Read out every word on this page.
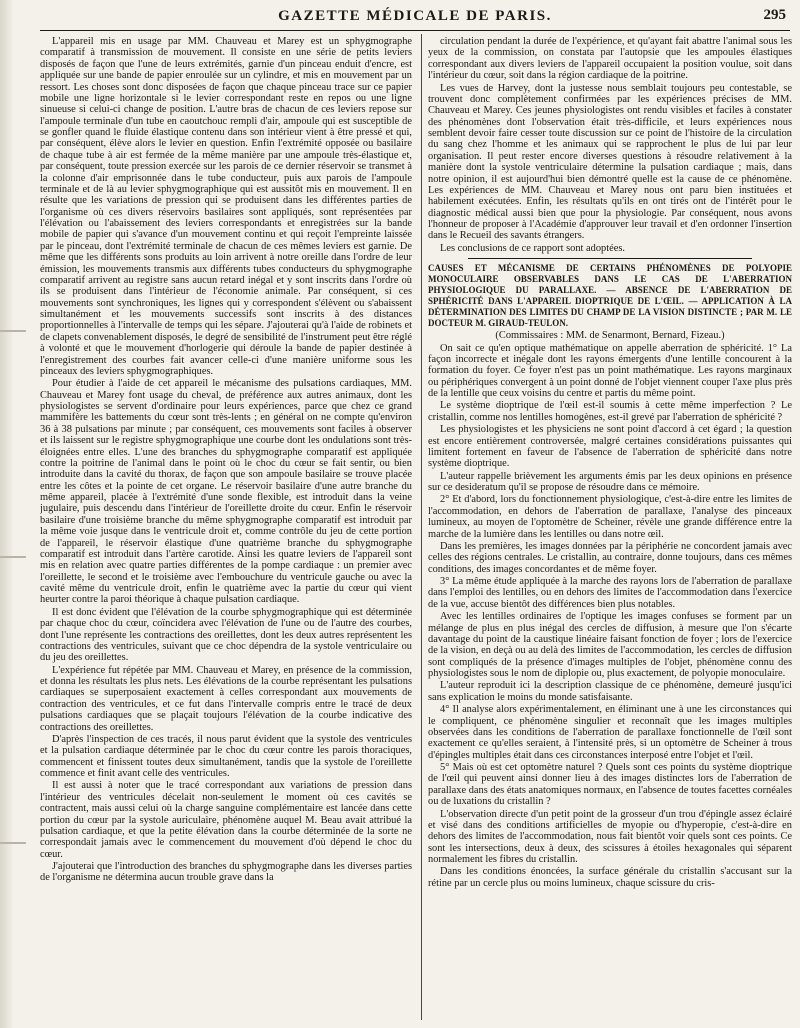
GAZETTE MÉDICALE DE PARIS.	295

L'appareil mis en usage par MM. Chauveau et Marey est un sphygmographe comparatif à transmission de mouvement. Il consiste en une série de petits leviers disposés de façon que l'une de leurs extrémités, garnie d'un pinceau enduit d'encre, est appliquée sur une bande de papier enroulée sur un cylindre, et mis en mouvement par un ressort. Les choses sont donc disposées de façon que chaque pinceau trace sur ce papier mobile une ligne horizontale si le levier correspondant reste en repos ou une ligne sinueuse si celui-ci change de position. L'autre bras de chacun de ces leviers repose sur l'ampoule terminale d'un tube en caoutchouc rempli d'air, ampoule qui est susceptible de se gonfler quand le fluide élastique contenu dans son intérieur vient à être pressé et qui, par conséquent, élève alors le levier en question. Enfin l'extrémité opposée ou basilaire de chaque tube à air est fermée de la même manière par une ampoule très-élastique et, par conséquent, toute pression exercée sur les parois de ce dernier réservoir se transmet à la colonne d'air emprisonnée dans le tube conducteur, puis aux parois de l'ampoule terminale et de là au levier sphygmographique qui est aussitôt mis en mouvement. Il en résulte que les variations de pression qui se produisent dans les différentes parties de l'organisme où ces divers réservoirs basilaires sont appliqués, sont représentées par l'élévation ou l'abaissement des leviers correspondants et enregistrées sur la bande mobile de papier qui s'avance d'un mouvement continu et qui reçoit l'empreinte laissée par le pinceau, dont l'extrémité terminale de chacun de ces mêmes leviers est garnie. De même que les différents sons produits au loin arrivent à notre oreille dans l'ordre de leur émission, les mouvements transmis aux différents tubes conducteurs du sphygmographe comparatif arrivent au registre sans aucun retard inégal et y sont inscrits dans l'ordre où ils se produisent dans l'intérieur de l'économie animale. Par conséquent, si ces mouvements sont synchroniques, les lignes qui y correspondent s'élèvent ou s'abaissent simultanément et les mouvements successifs sont inscrits à des distances proportionnelles à l'intervalle de temps qui les sépare. J'ajouterai qu'à l'aide de robinets et de clapets convenablement disposés, le degré de sensibilité de l'instrument peut être réglé à volonté et que le mouvement d'horlogerie qui déroule la bande de papier destinée à l'enregistrement des courbes fait avancer celle-ci d'une manière uniforme sous les pinceaux des leviers sphygmographiques.

Pour étudier à l'aide de cet appareil le mécanisme des pulsations cardiaques, MM. Chauveau et Marey font usage du cheval, de préférence aux autres animaux, dont les physiologistes se servent d'ordinaire pour leurs expériences, parce que chez ce grand mammifère les battements du cœur sont très-lents ; en général on ne compte qu'environ 36 à 38 pulsations par minute ; par conséquent, ces mouvements sont faciles à observer et ils laissent sur le registre sphygmographique une courbe dont les ondulations sont très-éloignées entre elles. L'une des branches du sphygmographe comparatif est appliquée contre la poitrine de l'animal dans le point où le choc du cœur se fait sentir, ou bien introduite dans la cavité du thorax, de façon que son ampoule basilaire se trouve placée entre les côtes et la pointe de cet organe. Le réservoir basilaire d'une autre branche du même appareil, placée à l'extrémité d'une sonde flexible, est introduit dans la veine jugulaire, puis descendu dans l'intérieur de l'oreillette droite du cœur. Enfin le réservoir basilaire d'une troisième branche du même sphygmographe comparatif est introduit par la même voie jusque dans le ventricule droit et, comme contrôle du jeu de cette portion de l'appareil, le réservoir élastique d'une quatrième branche du sphygmographe comparatif est introduit dans l'artère carotide. Ainsi les quatre leviers de l'appareil sont mis en relation avec quatre parties différentes de la pompe cardiaque : un premier avec l'oreillette, le second et le troisième avec l'embouchure du ventricule gauche ou avec la cavité même du ventricule droit, enfin le quatrième avec la partie du cœur qui vient heurter contre la paroi théorique à chaque pulsation cardiaque.

Il est donc évident que l'élévation de la courbe sphygmographique qui est déterminée par chaque choc du cœur, coïncidera avec l'élévation de l'une ou de l'autre des courbes, dont l'une représente les contractions des oreillettes, dont les deux autres représentent les contractions des ventricules, suivant que ce choc dépendra de la systole ventriculaire ou du jeu des oreillettes.

L'expérience fut répétée par MM. Chauveau et Marey, en présence de la commission, et donna les résultats les plus nets. Les élévations de la courbe représentant les pulsations cardiaques se superposaient exactement à celles correspondant aux mouvements de contraction des ventricules, et ce fut dans l'intervalle compris entre le tracé de deux pulsations cardiaques que se plaçait toujours l'élévation de la courbe indicative des contractions des oreillettes.

D'après l'inspection de ces tracés, il nous parut évident que la systole des ventricules et la pulsation cardiaque déterminée par le choc du cœur contre les parois thoraciques, commencent et finissent toutes deux simultanément, tandis que la systole de l'oreillette commence et finit avant celle des ventricules.

Il est aussi à noter que le tracé correspondant aux variations de pression dans l'intérieur des ventricules décelait non-seulement le moment où ces cavités se contractent, mais aussi celui où la charge sanguine complémentaire est lancée dans cette portion du cœur par la systole auriculaire, phénomène auquel M. Beau avait attribué la pulsation cardiaque, et que la petite élévation dans la courbe déterminée de la sorte ne correspondait jamais avec le commencement du mouvement d'où dépend le choc du cœur.

J'ajouterai que l'introduction des branches du sphygmographe dans les diverses parties de l'organisme ne détermina aucun trouble grave dans la

circulation pendant la durée de l'expérience, et qu'ayant fait abattre l'animal sous les yeux de la commission, on constata par l'autopsie que les ampoules élastiques correspondant aux divers leviers de l'appareil occupaient la position voulue, soit dans l'intérieur du cœur, soit dans la région cardiaque de la poitrine.

Les vues de Harvey, dont la justesse nous semblait toujours peu contestable, se trouvent donc complètement confirmées par les expériences précises de MM. Chauveau et Marey. Ces jeunes physiologistes ont rendu visibles et faciles à constater des phénomènes dont l'observation était très-difficile, et leurs expériences nous semblent devoir faire cesser toute discussion sur ce point de l'histoire de la circulation du sang chez l'homme et les animaux qui se rapprochent le plus de lui par leur organisation. Il peut rester encore diverses questions à résoudre relativement à la manière dont la systole ventriculaire détermine la pulsation cardiaque ; mais, dans notre opinion, il est aujourd'hui bien démontré quelle est la cause de ce phénomène. Les expériences de MM. Chauveau et Marey nous ont paru bien instituées et habilement exécutées. Enfin, les résultats qu'ils en ont tirés ont de l'intérêt pour le diagnostic médical aussi bien que pour la physiologie. Par conséquent, nous avons l'honneur de proposer à l'Académie d'approuver leur travail et d'en ordonner l'insertion dans le Recueil des savants étrangers.

Les conclusions de ce rapport sont adoptées.

CAUSES ET MÉCANISME DE CERTAINS PHÉNOMÈNES DE POLYOPIE MONOCULAIRE OBSERVABLES DANS LE CAS DE L'ABERRATION PHYSIOLOGIQUE DU PARALLAXE. — ABSENCE DE L'ABERRATION DE SPHÉRICITÉ DANS L'APPAREIL DIOPTRIQUE DE L'ŒIL. — APPLICATION À LA DÉTERMINATION DES LIMITES DU CHAMP DE LA VISION DISTINCTE ; PAR M. LE DOCTEUR M. GIRAUD-TEULON.

(Commissaires : MM. de Senarmont, Bernard, Fizeau.)

On sait ce qu'en optique mathématique on appelle aberration de sphéricité. 1° La façon incorrecte et inégale dont les rayons émergents d'une lentille concourent à la formation du foyer. Ce foyer n'est pas un point mathématique. Les rayons marginaux ou périphériques convergent à un point donné de l'objet viennent couper l'axe plus près de la lentille que ceux voisins du centre et partis du même point.

Le système dioptrique de l'œil est-il soumis à cette même imperfection ? Le cristallin, comme nos lentilles homogènes, est-il grevé par l'aberration de sphéricité ?

Les physiologistes et les physiciens ne sont point d'accord à cet égard ; la question est encore entièrement controversée, malgré certaines considérations puissantes qui limitent fortement en faveur de l'absence de l'aberration de sphéricité dans notre système dioptrique.

L'auteur rappelle brièvement les arguments émis par les deux opinions en présence sur ce desideratum qu'il se propose de résoudre dans ce mémoire.

2° Et d'abord, lors du fonctionnement physiologique, c'est-à-dire entre les limites de l'accommodation, en dehors de l'aberration de parallaxe, l'analyse des pinceaux lumineux, au moyen de l'optomètre de Scheiner, révèle une grande différence entre la marche de la lumière dans les lentilles ou dans notre œil.

Dans les premières, les images données par la périphérie ne concordent jamais avec celles des régions centrales. Le cristallin, au contraire, donne toujours, dans ces mêmes conditions, des images concordantes et de même foyer.

3° La même étude appliquée à la marche des rayons lors de l'aberration de parallaxe dans l'emploi des lentilles, ou en dehors des limites de l'accommodation dans l'exercice de la vue, accuse bientôt des différences bien plus notables.

Avec les lentilles ordinaires de l'optique les images confuses se forment par un mélange de plus en plus inégal des cercles de diffusion, à mesure que l'on s'écarte davantage du point de la caustique linéaire faisant fonction de foyer ; lors de l'exercice de la vision, en deçà ou au delà des limites de l'accommodation, les cercles de diffusion sont compliqués de la présence d'images multiples de l'objet, phénomène connu des physiologistes sous le nom de diplopie ou, plus exactement, de polyopie monoculaire.

L'auteur reproduit ici la description classique de ce phénomène, demeuré jusqu'ici sans explication le moins du monde satisfaisante.

4° Il analyse alors expérimentalement, en éliminant une à une les circonstances qui le compliquent, ce phénomène singulier et reconnaît que les images multiples observées dans les conditions de l'aberration de parallaxe fonctionnelle de l'œil sont exactement ce qu'elles seraient, à l'intensité près, si un optomètre de Scheiner à trous d'épingles multiples était dans ces circonstances interposé entre l'objet et l'œil.

5° Mais où est cet optomètre naturel ? Quels sont ces points du système dioptrique de l'œil qui peuvent ainsi donner lieu à des images distinctes lors de l'aberration de parallaxe dans des états anatomiques normaux, en l'absence de toutes facettes cornéales ou de luxations du cristallin ?

L'observation directe d'un petit point de la grosseur d'un trou d'épingle assez éclairé et visé dans des conditions artificielles de myopie ou d'hyperopie, c'est-à-dire en dehors des limites de l'accommodation, nous fait bientôt voir quels sont ces points. Ce sont les intersections, deux à deux, des scissures à étoiles hexagonales qui séparent normalement les fibres du cristallin.

Dans les conditions énoncées, la surface générale du cristallin s'accusant sur la rétine par un cercle plus ou moins lumineux, chaque scissure du cris-
